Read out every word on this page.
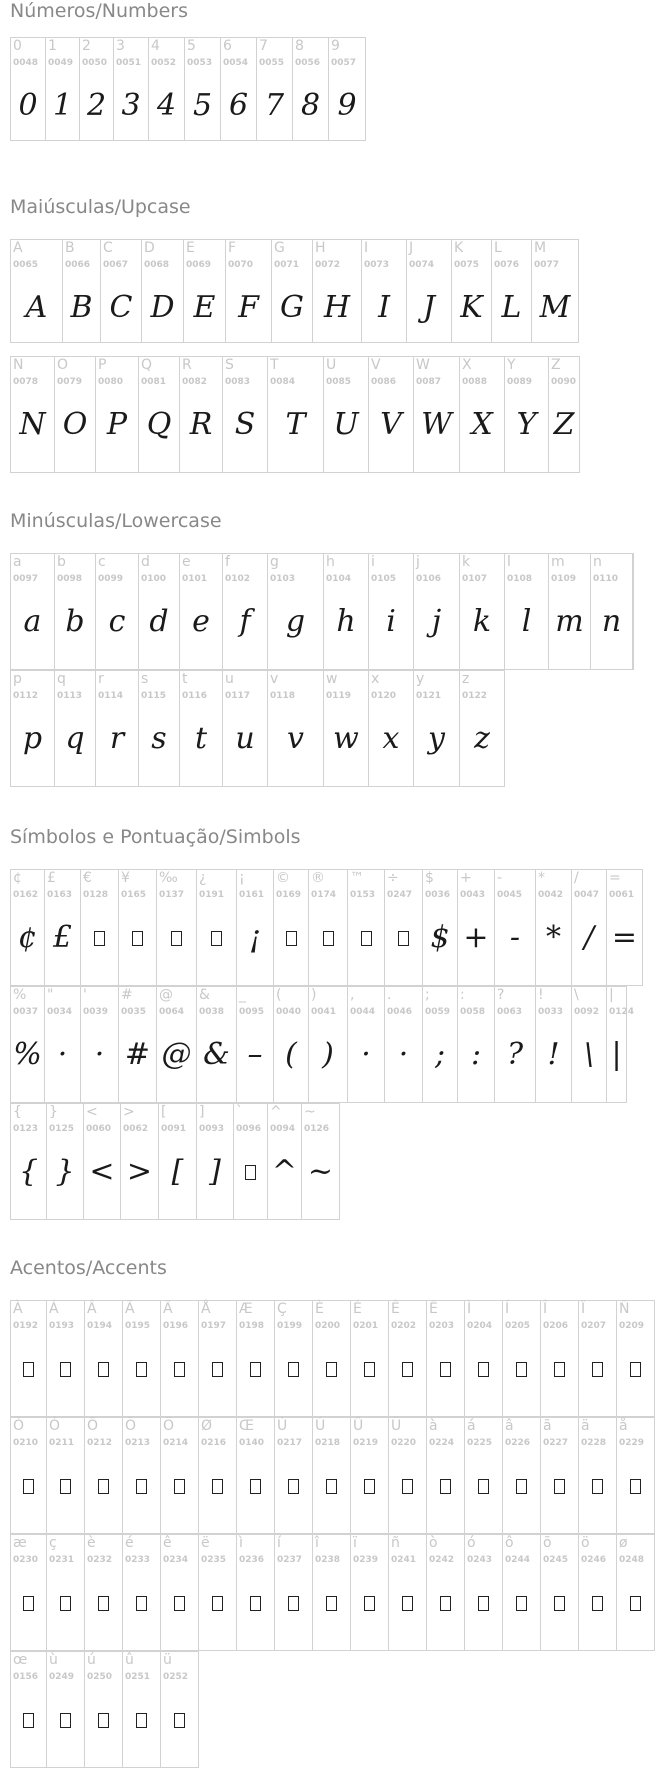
Números/Numbers
0
0048
0
1
0049
1
2
0050
2
3
0051
3
4
0052
4
5
0053
5
6
0054
6
7
0055
7
8
0056
8
9
0057
9
Maiúsculas/Upcase
A
0065
A
B
0066
B
C
0067
C
D
0068
D
E
0069
E
F
0070
F
G
0071
G
H
0072
H
I
0073
I
J
0074
J
K
0075
K
L
0076
L
M
0077
M
N
0078
N
O
0079
O
P
0080
P
Q
0081
Q
R
0082
R
S
0083
S
T
0084
T
U
0085
U
V
0086
V
W
0087
W
X
0088
X
Y
0089
Y
Z
0090
Z
Minúsculas/Lowercase
a
0097
a
b
0098
b
c
0099
c
d
0100
d
e
0101
e
f
0102
f
g
0103
g
h
0104
h
i
0105
i
j
0106
j
k
0107
k
l
0108
l
m
0109
m
n
0110
n
p
0112
p
q
0113
q
r
0114
r
s
0115
s
t
0116
t
u
0117
u
v
0118
v
w
0119
w
x
0120
x
y
0121
y
z
0122
z
Símbolos e Pontuação/Simbols
¢
0162
¢
£
0163
£
€
0128
¥
0165
‰
0137
¿
0191
¡
0161
¡
©
0169
®
0174
™
0153
÷
0247
$
0036
$
+
0043
+
-
0045
-
*
0042
*
/
0047
/
=
0061
=
%
0037
%
"
0034
·
'
0039
·
#
0035
#
@
0064
@
&
0038
&
_
0095
–
(
0040
(
)
0041
)
,
0044
·
.
0046
·
;
0059
;
:
0058
:
?
0063
?
!
0033
!
\
0092
\
|
0124
|
{
0123
{
}
0125
}
<
0060
<
>
0062
>
[
0091
[
]
0093
]
`
0096
^
0094
^
~
0126
~
Acentos/Accents
À
0192
Á
0193
Â
0194
Ã
0195
Ä
0196
Å
0197
Æ
0198
Ç
0199
È
0200
É
0201
Ê
0202
Ë
0203
Ì
0204
Í
0205
Î
0206
Ï
0207
Ñ
0209
Ò
0210
Ó
0211
Ô
0212
Õ
0213
Ö
0214
Ø
0216
Œ
0140
Ù
0217
Ú
0218
Û
0219
Ü
0220
à
0224
á
0225
â
0226
ã
0227
ä
0228
å
0229
æ
0230
ç
0231
è
0232
é
0233
ê
0234
ë
0235
ì
0236
í
0237
î
0238
ï
0239
ñ
0241
ò
0242
ó
0243
ô
0244
õ
0245
ö
0246
ø
0248
œ
0156
ù
0249
ú
0250
û
0251
ü
0252
